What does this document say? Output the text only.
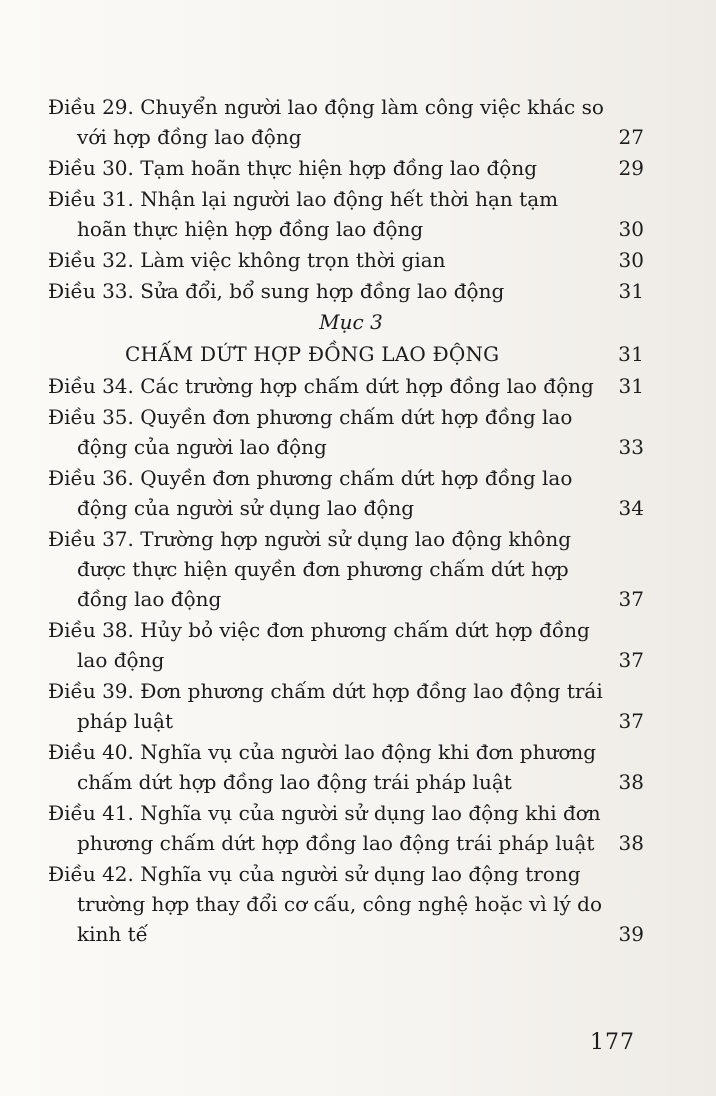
Điều 29. Chuyển người lao động làm công việc khác so với hợp đồng lao động	27
Điều 30. Tạm hoãn thực hiện hợp đồng lao động	29
Điều 31. Nhận lại người lao động hết thời hạn tạm hoãn thực hiện hợp đồng lao động	30
Điều 32. Làm việc không trọn thời gian	30
Điều 33. Sửa đổi, bổ sung hợp đồng lao động	31
Mục 3
CHẤM DỨT HỢP ĐỒNG LAO ĐỘNG	31
Điều 34. Các trường hợp chấm dứt hợp đồng lao động	31
Điều 35. Quyền đơn phương chấm dứt hợp đồng lao động của người lao động	33
Điều 36. Quyền đơn phương chấm dứt hợp đồng lao động của người sử dụng lao động	34
Điều 37. Trường hợp người sử dụng lao động không được thực hiện quyền đơn phương chấm dứt hợp đồng lao động	37
Điều 38. Hủy bỏ việc đơn phương chấm dứt hợp đồng lao động	37
Điều 39. Đơn phương chấm dứt hợp đồng lao động trái pháp luật	37
Điều 40. Nghĩa vụ của người lao động khi đơn phương chấm dứt hợp đồng lao động trái pháp luật	38
Điều 41. Nghĩa vụ của người sử dụng lao động khi đơn phương chấm dứt hợp đồng lao động trái pháp luật	38
Điều 42. Nghĩa vụ của người sử dụng lao động trong trường hợp thay đổi cơ cấu, công nghệ hoặc vì lý do kinh tế	39
177
